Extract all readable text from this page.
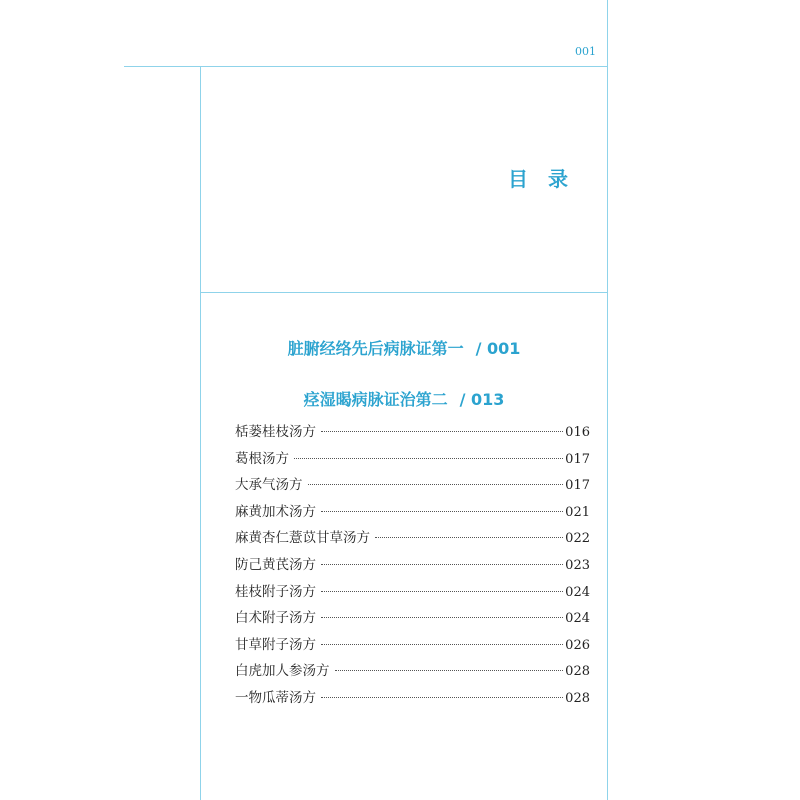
001
目录
脏腑经络先后病脉证第一 / 001
痉湿暍病脉证治第二 / 013
栝蒌桂枝汤方	016
葛根汤方	017
大承气汤方	017
麻黄加术汤方	021
麻黄杏仁薏苡甘草汤方	022
防己黄芪汤方	023
桂枝附子汤方	024
白术附子汤方	024
甘草附子汤方	026
白虎加人参汤方	028
一物瓜蒂汤方	028
